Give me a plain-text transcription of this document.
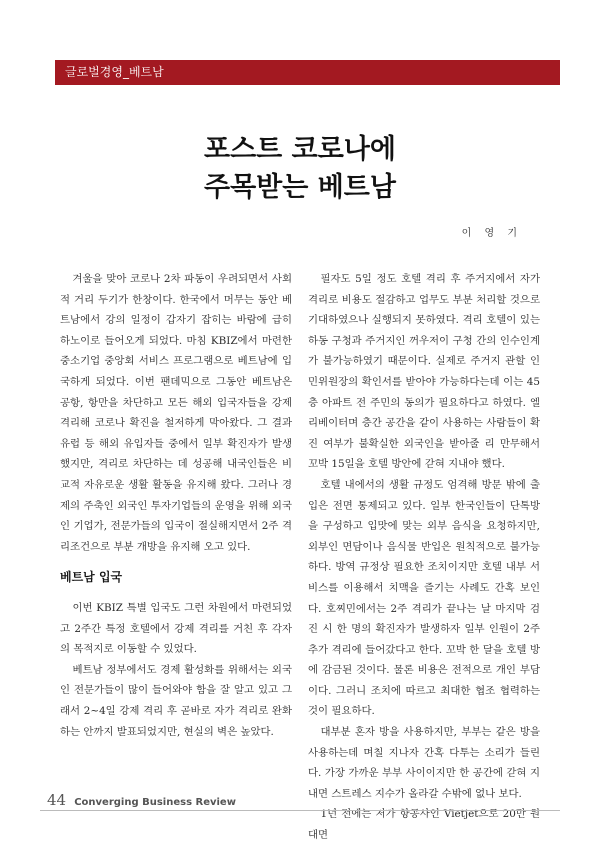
글로벌경영_베트남
포스트 코로나에
주목받는 베트남
이 영 기

겨울을 맞아 코로나 2차 파동이 우려되면서 사회적 거리 두기가 한창이다. 한국에서 머무는 동안 베트남에서 강의 일정이 갑자기 잡히는 바람에 급히 하노이로 들어오게 되었다. 마침 KBIZ에서 마련한 중소기업 중앙회 서비스 프로그램으로 베트남에 입국하게 되었다. 이번 팬데믹으로 그동안 베트남은 공항, 항만을 차단하고 모든 해외 입국자들을 강제 격리해 코로나 확진을 철저하게 막아왔다. 그 결과 유럽 등 해외 유입자들 중에서 일부 확진자가 발생했지만, 격리로 차단하는 데 성공해 내국인들은 비교적 자유로운 생활 활동을 유지해 왔다. 그러나 경제의 주축인 외국인 투자기업들의 운영을 위해 외국인 기업가, 전문가들의 입국이 절실해지면서 2주 격리조건으로 부분 개방을 유지해 오고 있다.

베트남 입국

이번 KBIZ 특별 입국도 그런 차원에서 마련되었고 2주간 특정 호텔에서 강제 격리를 거친 후 각자의 목적지로 이동할 수 있었다.

베트남 정부에서도 경제 활성화를 위해서는 외국인 전문가들이 많이 들어와야 함을 잘 알고 있고 그래서 2~4일 강제 격리 후 곧바로 자가 격리로 완화하는 안까지 발표되었지만, 현실의 벽은 높았다.

필자도 5일 정도 호텔 격리 후 주거지에서 자가 격리로 비용도 절감하고 업무도 부분 처리할 것으로 기대하였으나 실행되지 못하였다. 격리 호텔이 있는 하동 구청과 주거지인 꺼우저이 구청 간의 인수인계가 불가능하였기 때문이다. 실제로 주거지 관할 인민위원장의 확인서를 받아야 가능하다는데 이는 45층 아파트 전 주민의 동의가 필요하다고 하였다. 엘리베이터며 층간 공간을 같이 사용하는 사람들이 확진 여부가 불확실한 외국인을 받아줄 리 만무해서 꼬박 15일을 호텔 방안에 갇혀 지내야 했다.

호텔 내에서의 생활 규정도 엄격해 방문 밖에 출입은 전면 통제되고 있다. 일부 한국인들이 단톡방을 구성하고 입맛에 맞는 외부 음식을 요청하지만, 외부인 면담이나 음식물 반입은 원칙적으로 불가능하다. 방역 규정상 필요한 조치이지만 호텔 내부 서비스를 이용해서 치맥을 즐기는 사례도 간혹 보인다. 호찌민에서는 2주 격리가 끝나는 날 마지막 검진 시 한 명의 확진자가 발생하자 일부 인원이 2주 추가 격리에 들어갔다고 한다. 꼬박 한 달을 호텔 방에 감금된 것이다. 물론 비용은 전적으로 개인 부담이다. 그러니 조치에 따르고 최대한 협조 협력하는 것이 필요하다.

대부분 혼자 방을 사용하지만, 부부는 같은 방을 사용하는데 며칠 지나자 간혹 다투는 소리가 들린다. 가장 가까운 부부 사이이지만 한 공간에 갇혀 지내면 스트레스 지수가 올라갈 수밖에 없나 보다.

1년 전에는 저가 항공사인 Vietjet으로 20만 원대면

44 Converging Business Review
